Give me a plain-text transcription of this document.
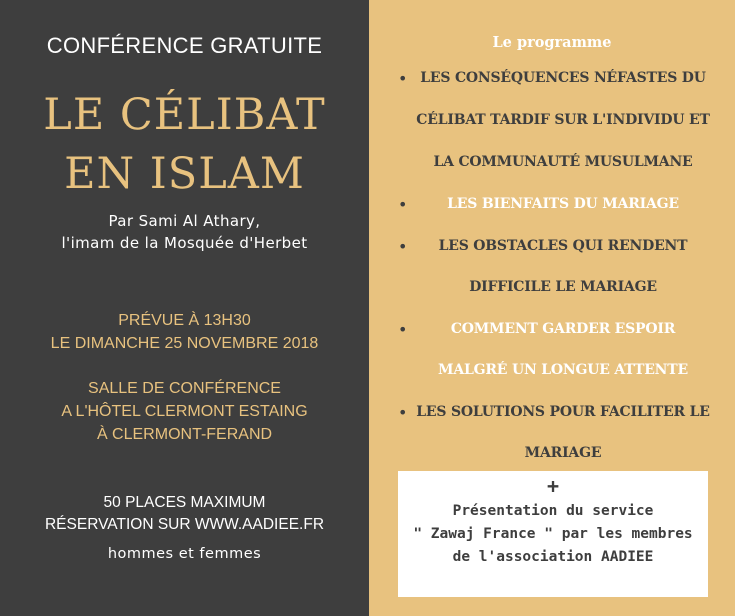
CONFÉRENCE GRATUITE

LE CÉLIBAT

EN ISLAM

Par Sami Al Athary,

l'imam de la Mosquée d'Herbet

PRÉVUE À 13H30

LE DIMANCHE 25 NOVEMBRE 2018

SALLE DE CONFÉRENCE

A L'HÔTEL CLERMONT ESTAING

À CLERMONT-FERAND

50 PLACES MAXIMUM

RÉSERVATION SUR WWW.AADIEE.FR

hommes et femmes

Le programme

• LES CONSÉQUENCES NÉFASTES DU
CÉLIBAT TARDIF SUR L'INDIVIDU ET
LA COMMUNAUTÉ MUSULMANE
•	LES BIENFAITS DU MARIAGE
•	LES OBSTACLES QUI RENDENT
DIFFICILE LE MARIAGE
•	COMMENT GARDER ESPOIR
MALGRÉ UN LONGUE ATTENTE
• LES SOLUTIONS POUR FACILITER LE
MARIAGE

+

Présentation du service

" Zawaj France " par les membres

de l'association AADIEE
